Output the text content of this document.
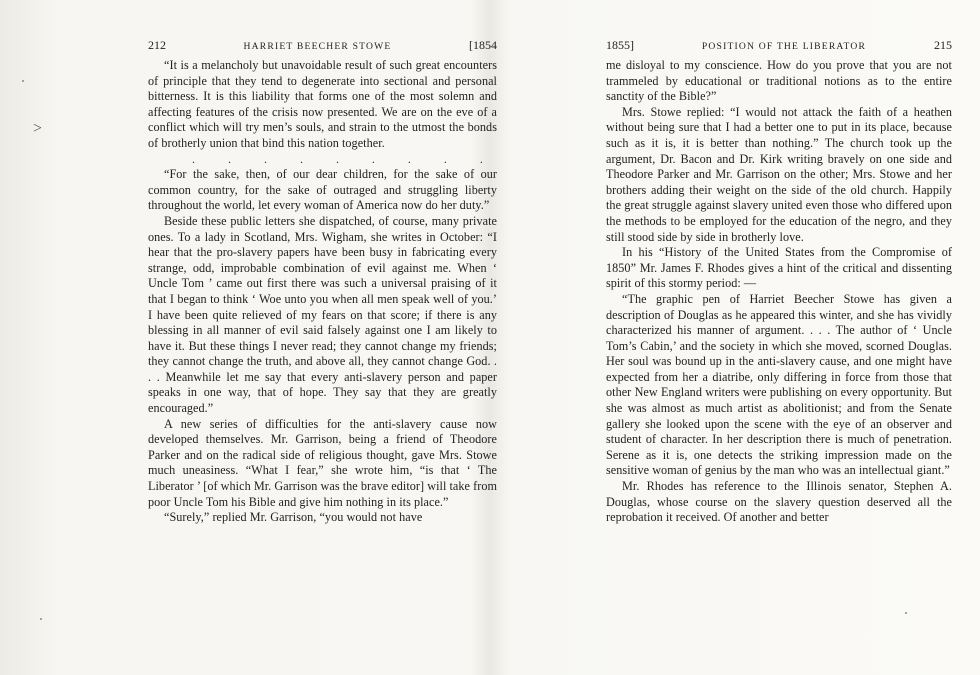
˃
212	HARRIET BEECHER STOWE	[1854

“It is a melancholy but unavoidable result of such great encounters of principle that they tend to degenerate into sectional and personal bitterness. It is this liability that forms one of the most solemn and affecting features of the crisis now presented. We are on the eve of a conflict which will try men’s souls, and strain to the utmost the bonds of brotherly union that bind this nation together.

.	.	.	.	.	.	.	.	.

“For the sake, then, of our dear children, for the sake of our common country, for the sake of outraged and struggling liberty throughout the world, let every woman of America now do her duty.”

Beside these public letters she dispatched, of course, many private ones. To a lady in Scotland, Mrs. Wigham, she writes in October: “I hear that the pro-slavery papers have been busy in fabricating every strange, odd, improbable combination of evil against me. When ‘ Uncle Tom ’ came out first there was such a universal praising of it that I began to think ‘ Woe unto you when all men speak well of you.’ I have been quite relieved of my fears on that score; if there is any blessing in all manner of evil said falsely against one I am likely to have it. But these things I never read; they cannot change my friends; they cannot change the truth, and above all, they cannot change God. . . . Meanwhile let me say that every anti-slavery person and paper speaks in one way, that of hope. They say that they are greatly encouraged.”

A new series of difficulties for the anti-slavery cause now developed themselves. Mr. Garrison, being a friend of Theodore Parker and on the radical side of religious thought, gave Mrs. Stowe much uneasiness. “What I fear,” she wrote him, “is that ‘ The Liberator ’ [of which Mr. Garrison was the brave editor] will take from poor Uncle Tom his Bible and give him nothing in its place.”

“Surely,” replied Mr. Garrison, “you would not have

1855]	POSITION OF THE LIBERATOR	215

me disloyal to my conscience. How do you prove that you are not trammeled by educational or traditional notions as to the entire sanctity of the Bible?”

Mrs. Stowe replied: “I would not attack the faith of a heathen without being sure that I had a better one to put in its place, because such as it is, it is better than nothing.” The church took up the argument, Dr. Bacon and Dr. Kirk writing bravely on one side and Theodore Parker and Mr. Garrison on the other; Mrs. Stowe and her brothers adding their weight on the side of the old church. Happily the great struggle against slavery united even those who differed upon the methods to be employed for the education of the negro, and they still stood side by side in brotherly love.

In his “History of the United States from the Compromise of 1850” Mr. James F. Rhodes gives a hint of the critical and dissenting spirit of this stormy period: —

“The graphic pen of Harriet Beecher Stowe has given a description of Douglas as he appeared this winter, and she has vividly characterized his manner of argument. . . . The author of ‘ Uncle Tom’s Cabin,’ and the society in which she moved, scorned Douglas. Her soul was bound up in the anti-slavery cause, and one might have expected from her a diatribe, only differing in force from those that other New England writers were publishing on every opportunity. But she was almost as much artist as abolitionist; and from the Senate gallery she looked upon the scene with the eye of an observer and student of character. In her description there is much of penetration. Serene as it is, one detects the striking impression made on the sensitive woman of genius by the man who was an intellectual giant.”

Mr. Rhodes has reference to the Illinois senator, Stephen A. Douglas, whose course on the slavery question deserved all the reprobation it received. Of another and better
